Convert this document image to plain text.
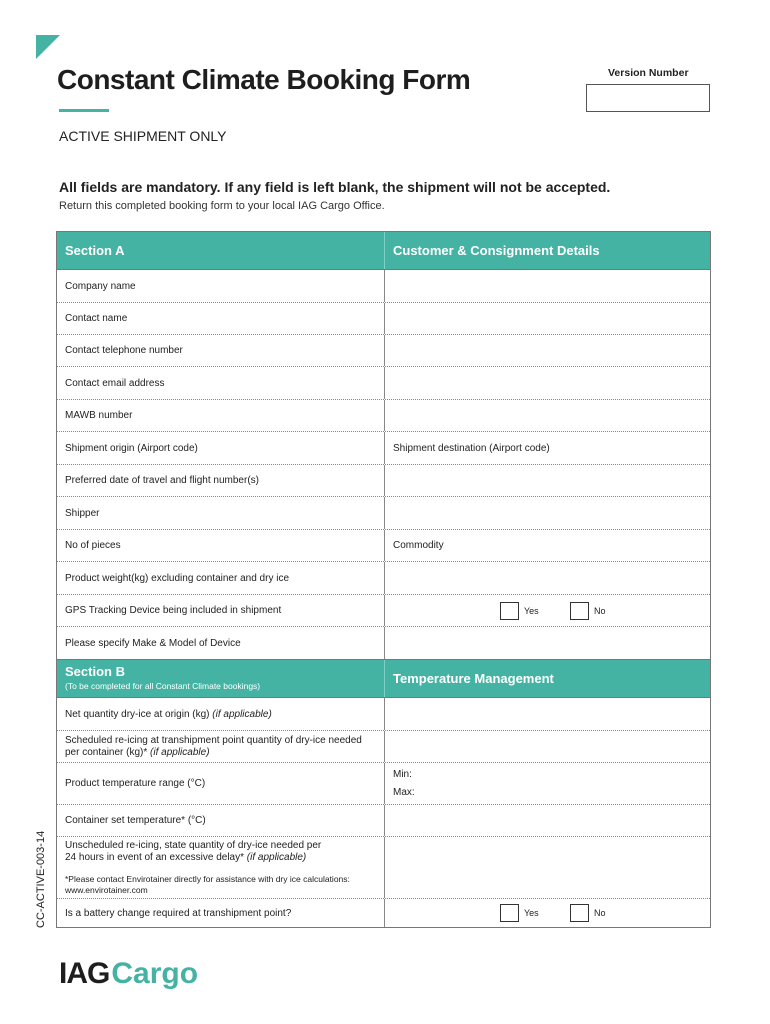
Constant Climate Booking Form	Version Number
ACTIVE SHIPMENT ONLY
All fields are mandatory. If any field is left blank, the shipment will not be accepted.
Return this completed booking form to your local IAG Cargo Office.
Section A	Customer & Consignment Details
Company name
Contact name
Contact telephone number
Contact email address
MAWB number
Shipment origin (Airport code)	Shipment destination (Airport code)
Preferred date of travel and flight number(s)
Shipper
No of pieces	Commodity
Product weight(kg) excluding container and dry ice
GPS Tracking Device being included in shipment	Yes	No
Please specify Make & Model of Device
Section B
(To be completed for all Constant Climate bookings)	Temperature Management
Net quantity dry-ice at origin (kg)
(if applicable)
Scheduled re-icing at transhipment point quantity of dry-ice needed
per container (kg)* (if applicable)
Product temperature range (°C)
Min:
Max:
Container set temperature* (°C)
Unscheduled re-icing, state quantity of dry-ice needed per
24 hours in event of an excessive delay* (if applicable)
*Please contact Envirotainer directly for assistance with dry ice calculations:
www.envirotainer.com
Is a battery change required at transhipment point?	Yes	No
CC-ACTIVE-003-14
IAG Cargo
